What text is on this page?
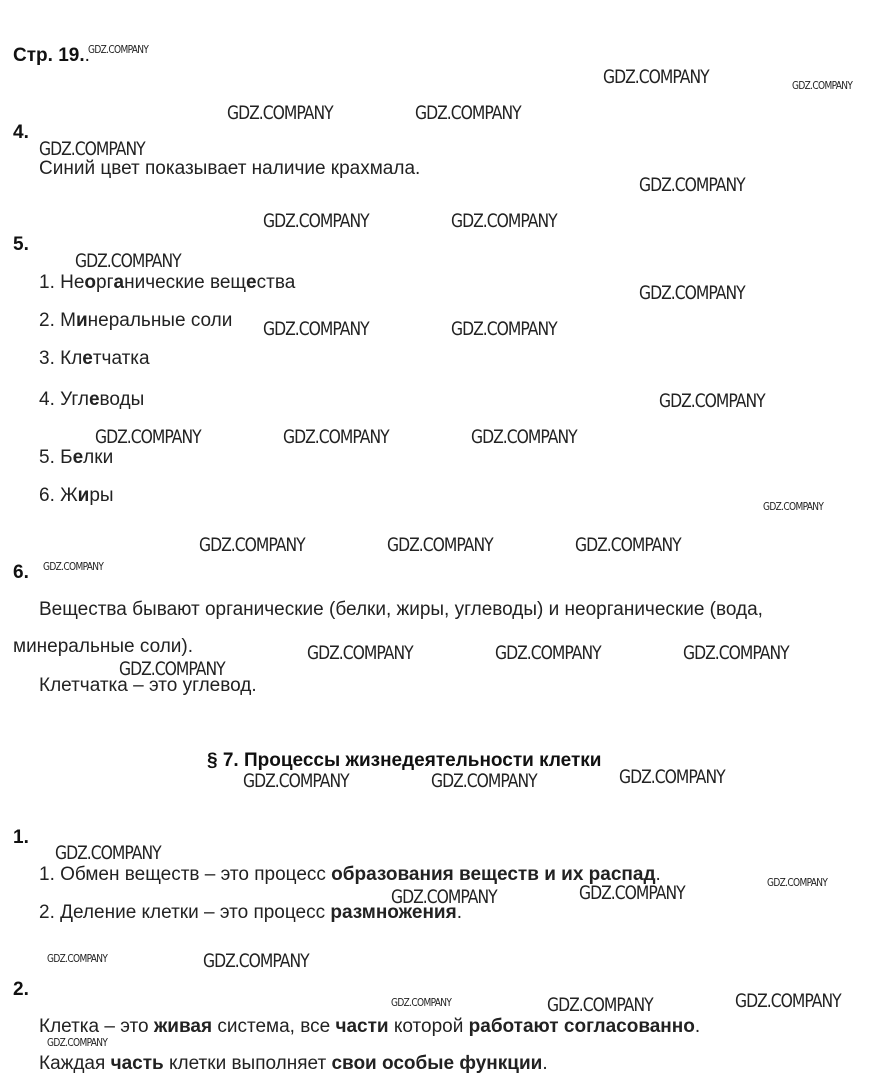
Стр. 19..
4.
Синий цвет показывает наличие крахмала.
5.
1. Неорганические вещества
2. Минеральные соли
3. Клетчатка
4. Углеводы
5. Белки
6. Жиры
6.
Вещества бывают органические (белки, жиры, углеводы) и неорганические (вода,
минеральные соли).
Клетчатка – это углевод.
§ 7. Процессы жизнедеятельности клетки
1.
1. Обмен веществ – это процесс образования веществ и их распад.
2. Деление клетки – это процесс размножения.
2.
Клетка – это живая система, все части которой работают согласованно.
Каждая часть клетки выполняет свои особые функции.
GDZ.COMPANY
GDZ.COMPANY	GDZ.COMPANY
GDZ.COMPANY	GDZ.COMPANY
GDZ.COMPANY
GDZ.COMPANY
GDZ.COMPANY	GDZ.COMPANY
GDZ.COMPANY
GDZ.COMPANY
GDZ.COMPANY	GDZ.COMPANY
GDZ.COMPANY
GDZ.COMPANY	GDZ.COMPANY	GDZ.COMPANY
GDZ.COMPANY
GDZ.COMPANY	GDZ.COMPANY	GDZ.COMPANY
GDZ.COMPANY
GDZ.COMPANY	GDZ.COMPANY	GDZ.COMPANY
GDZ.COMPANY
GDZ.COMPANY
GDZ.COMPANY	GDZ.COMPANY
GDZ.COMPANY
GDZ.COMPANY
GDZ.COMPANY
GDZ.COMPANY
GDZ.COMPANY	GDZ.COMPANY
GDZ.COMPANY	GDZ.COMPANY
GDZ.COMPANY
GDZ.COMPANY
